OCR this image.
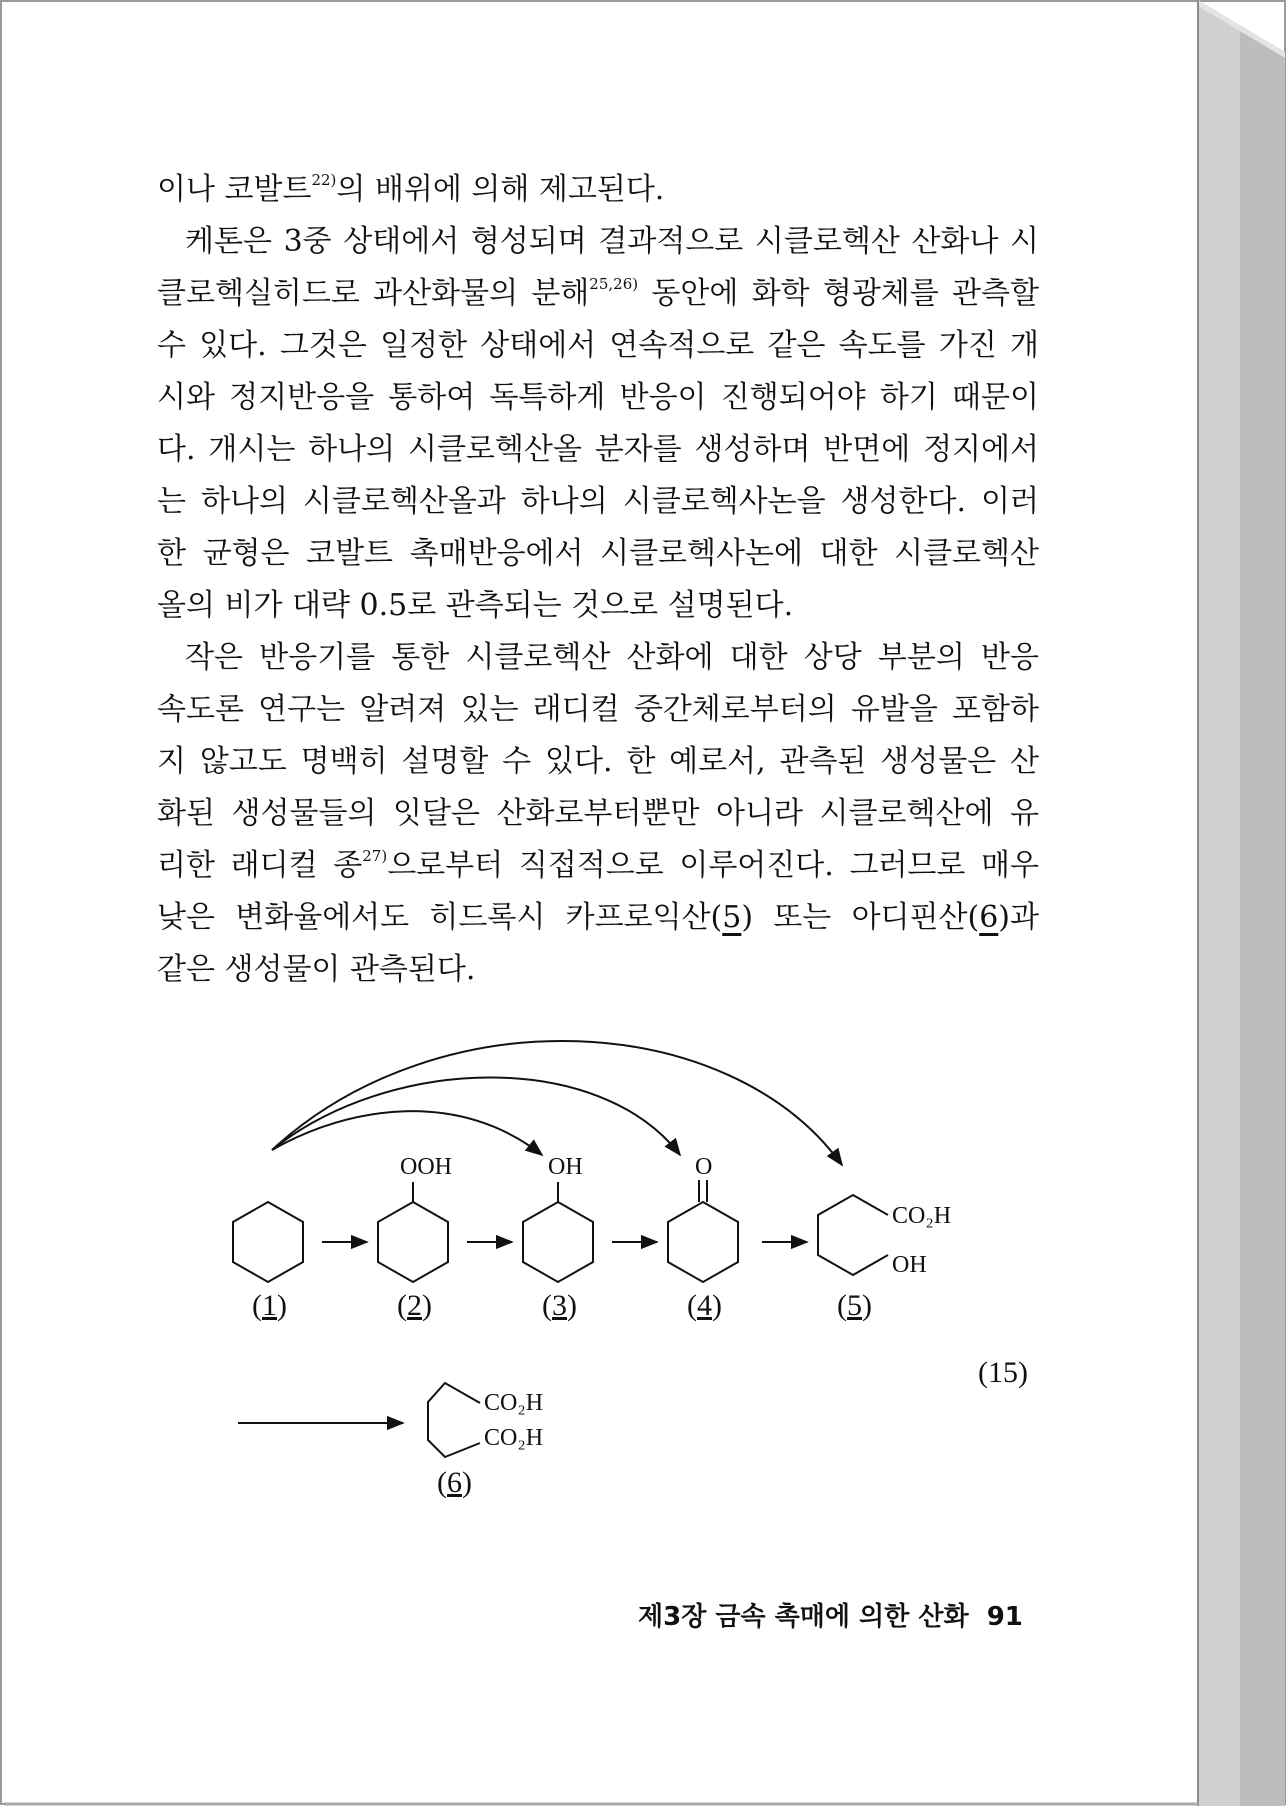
이나 코발트$^{22)}$의 배위에 의해 제고된다.
케톤은 3중 상태에서 형성되며 결과적으로 시클로헥산 산화나 시
클로헥실히드로 과산화물의 분해$^{25,26)}$ 동안에 화학 형광체를 관측할
수 있다. 그것은 일정한 상태에서 연속적으로 같은 속도를 가진 개
시와 정지반응을 통하여 독특하게 반응이 진행되어야 하기 때문이
다. 개시는 하나의 시클로헥산올 분자를 생성하며 반면에 정지에서
는 하나의 시클로헥산올과 하나의 시클로헥사논을 생성한다. 이러
한 균형은 코발트 촉매반응에서 시클로헥사논에 대한 시클로헥산
올의 비가 대략 0.5로 관측되는 것으로 설명된다.
작은 반응기를 통한 시클로헥산 산화에 대한 상당 부분의 반응
속도론 연구는 알려져 있는 래디컬 중간체로부터의 유발을 포함하
지 않고도 명백히 설명할 수 있다. 한 예로서, 관측된 생성물은 산
화된 생성물들의 잇달은 산화로부터뿐만 아니라 시클로헥산에 유
리한 래디컬 종$^{27)}$으로부터 직접적으로 이루어진다. 그러므로 매우
낮은 변화율에서도 히드록시 카프로익산(5) 또는 아디핀산(6)과
같은 생성물이 관측된다.
OOH	OH	O
CO₂H
OH
CO₂H
CO₂H
(1)	(2)	(3)	(4)	(5)
(6)
(15)
제3장 금속 촉매에 의한 산화 91
